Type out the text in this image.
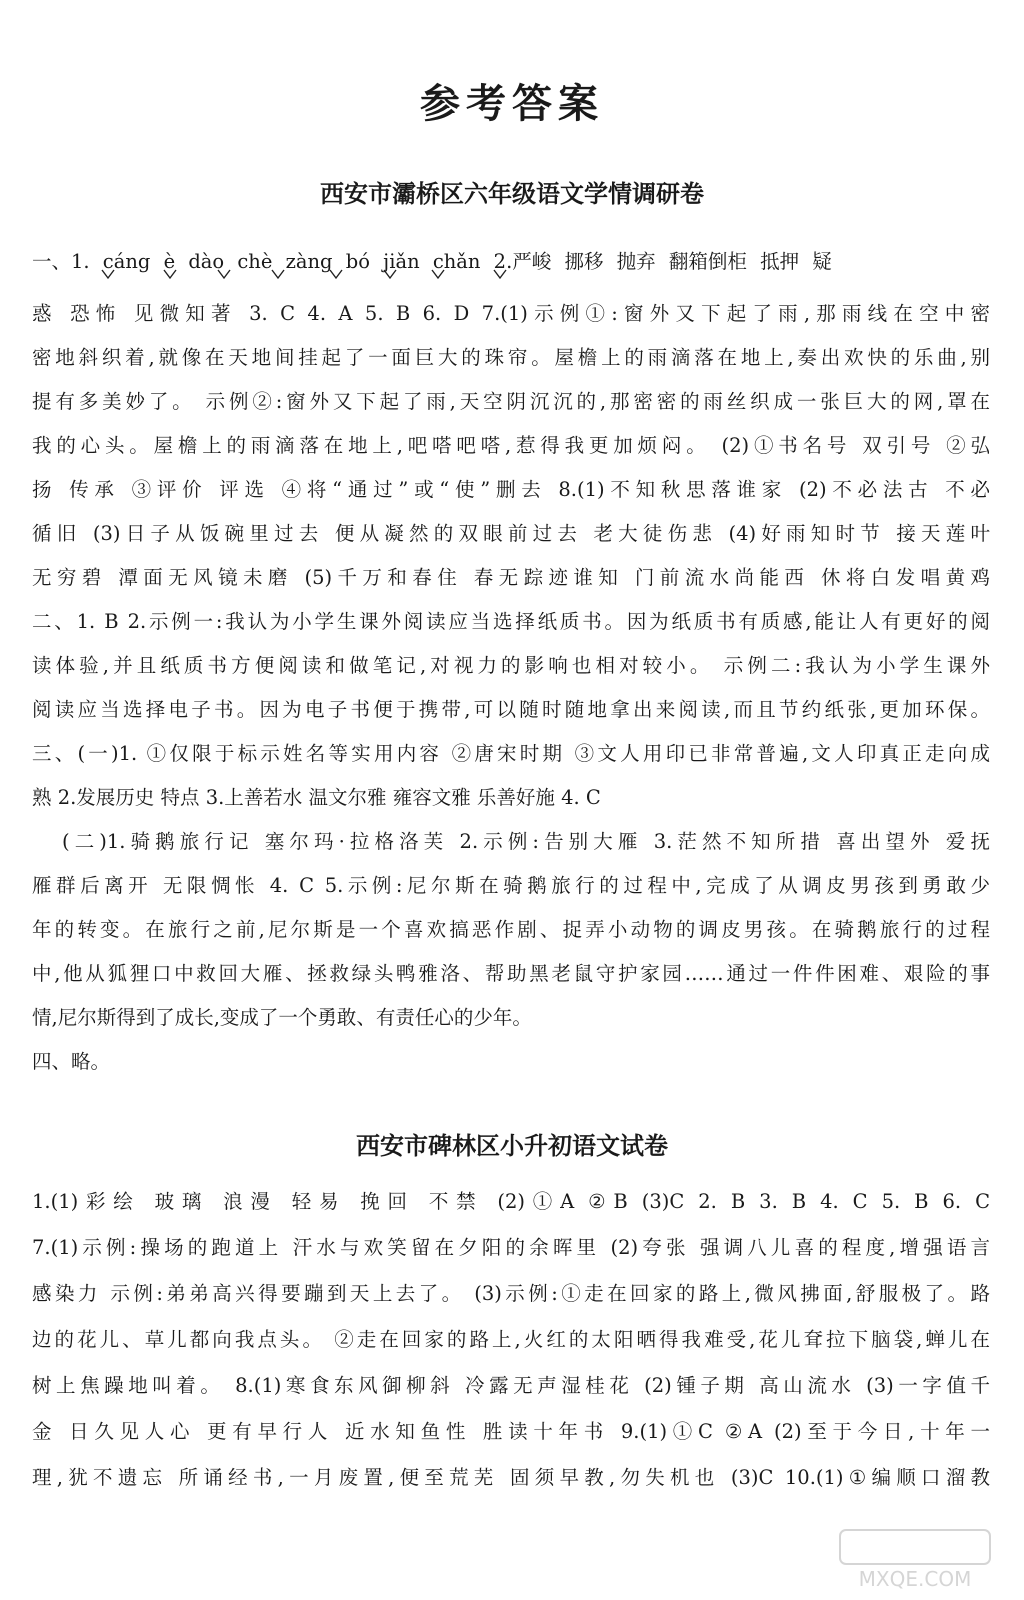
参考答案
西安市灞桥区六年级语文学情调研卷
一、1. cáng è dào chè zàng bó jiǎn chǎn 2.严峻 挪移 抛弃 翻箱倒柜 抵押 疑
惑 恐怖 见微知著 3. C 4. A 5. B 6. D 7.(1)示例①:窗外又下起了雨,那雨线在空中密
密地斜织着,就像在天地间挂起了一面巨大的珠帘。屋檐上的雨滴落在地上,奏出欢快的乐曲,别
提有多美妙了。 示例②:窗外又下起了雨,天空阴沉沉的,那密密的雨丝织成一张巨大的网,罩在
我的心头。屋檐上的雨滴落在地上,吧嗒吧嗒,惹得我更加烦闷。 (2)①书名号 双引号 ②弘
扬 传承 ③评价 评选 ④将“通过”或“使”删去 8.(1)不知秋思落谁家 (2)不必法古 不必
循旧 (3)日子从饭碗里过去 便从凝然的双眼前过去 老大徒伤悲 (4)好雨知时节 接天莲叶
无穷碧 潭面无风镜未磨 (5)千万和春住 春无踪迹谁知 门前流水尚能西 休将白发唱黄鸡
二、1. B 2.示例一:我认为小学生课外阅读应当选择纸质书。因为纸质书有质感,能让人有更好的阅
读体验,并且纸质书方便阅读和做笔记,对视力的影响也相对较小。 示例二:我认为小学生课外
阅读应当选择电子书。因为电子书便于携带,可以随时随地拿出来阅读,而且节约纸张,更加环保。
三、(一)1. ①仅限于标示姓名等实用内容 ②唐宋时期 ③文人用印已非常普遍,文人印真正走向成
熟 2.发展历史 特点 3.上善若水 温文尔雅 雍容文雅 乐善好施 4. C
(二)1.骑鹅旅行记 塞尔玛·拉格洛芙 2.示例:告别大雁 3.茫然不知所措 喜出望外 爱抚
雁群后离开 无限惆怅 4. C 5.示例:尼尔斯在骑鹅旅行的过程中,完成了从调皮男孩到勇敢少
年的转变。在旅行之前,尼尔斯是一个喜欢搞恶作剧、捉弄小动物的调皮男孩。在骑鹅旅行的过程
中,他从狐狸口中救回大雁、拯救绿头鸭雅洛、帮助黑老鼠守护家园……通过一件件困难、艰险的事
情,尼尔斯得到了成长,变成了一个勇敢、有责任心的少年。
四、略。
西安市碑林区小升初语文试卷
1.(1)彩绘 玻璃 浪漫 轻易 挽回 不禁 (2)①A ②B (3)C 2. B 3. B 4. C 5. B 6. C
7.(1)示例:操场的跑道上 汗水与欢笑留在夕阳的余晖里 (2)夸张 强调八儿喜的程度,增强语言
感染力 示例:弟弟高兴得要蹦到天上去了。 (3)示例:①走在回家的路上,微风拂面,舒服极了。路
边的花儿、草儿都向我点头。 ②走在回家的路上,火红的太阳晒得我难受,花儿耷拉下脑袋,蝉儿在
树上焦躁地叫着。 8.(1)寒食东风御柳斜 冷露无声湿桂花 (2)锺子期 高山流水 (3)一字值千
金 日久见人心 更有早行人 近水知鱼性 胜读十年书 9.(1)①C ②A (2)至于今日,十年一
理,犹不遗忘 所诵经书,一月废置,便至荒芜 固须早教,勿失机也 (3)C 10.(1)①编顺口溜教
MXQE.COM
